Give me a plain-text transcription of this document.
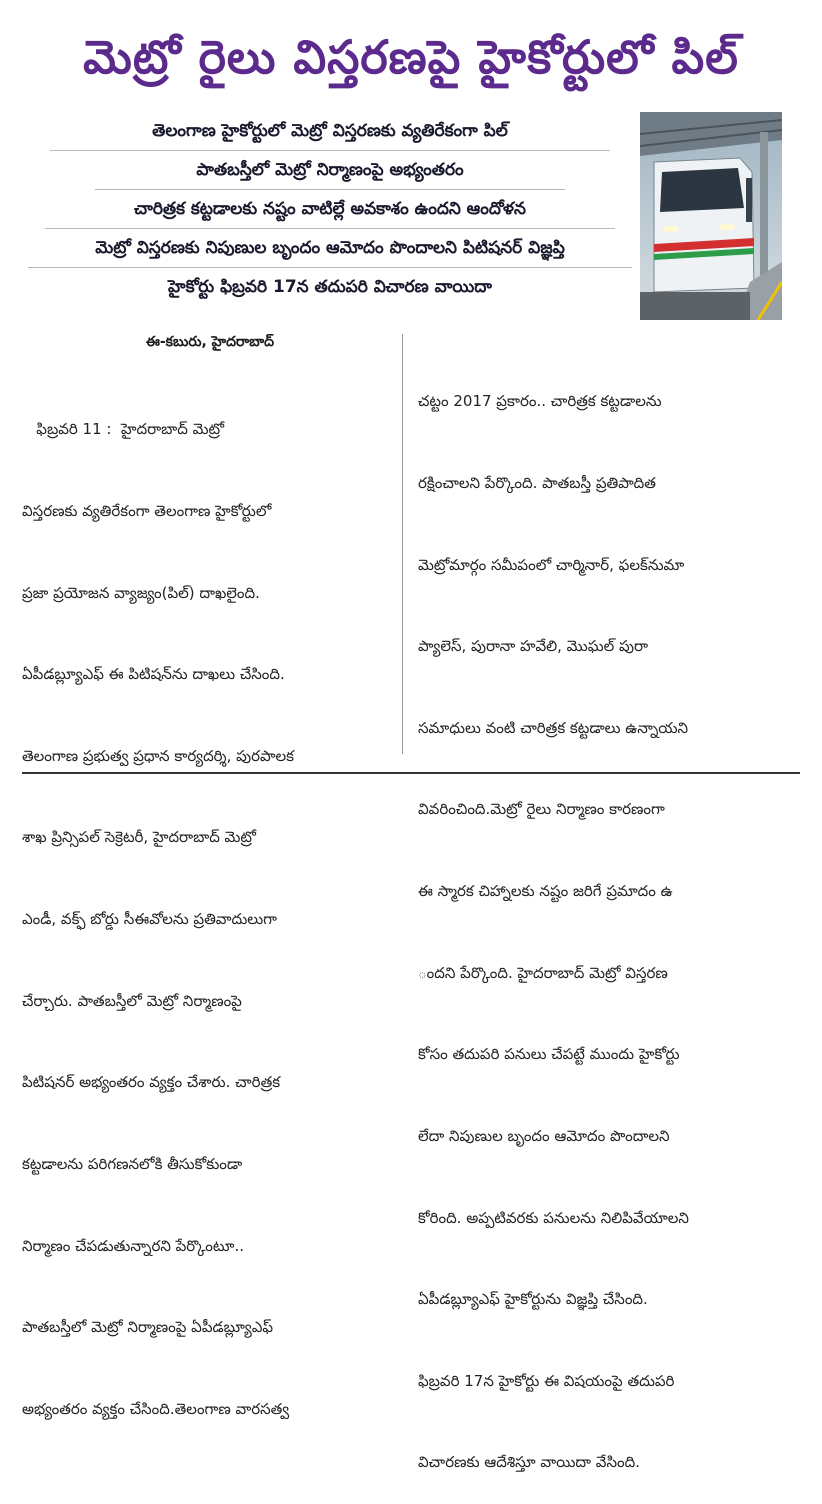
మెట్రో రైలు విస్తరణపై హైకోర్టులో పిల్
తెలంగాణ హైకోర్టులో మెట్రో విస్తరణకు వ్యతిరేకంగా పిల్
పాతబస్తీలో మెట్రో నిర్మాణంపై అభ్యంతరం
చారిత్రక కట్టడాలకు నష్టం వాటిల్లే అవకాశం ఉందని ఆందోళన
మెట్రో విస్తరణకు నిపుణుల బృందం ఆమోదం పొందాలని పిటిషనర్ విజ్ఞప్తి
హైకోర్టు ఫిబ్రవరి 17న తదుపరి విచారణ వాయిదా
ఈ-కబురు, హైదరాబాద్

ఫిబ్రవరి 11 :  హైదరాబాద్ మెట్రో

విస్తరణకు వ్యతిరేకంగా తెలంగాణ హైకోర్టులో

ప్రజా ప్రయోజన వ్యాజ్యం(పిల్) దాఖలైంది.

ఏపీడబ్ల్యూఎఫ్ ఈ పిటిషన్‌ను దాఖలు చేసింది.

తెలంగాణ ప్రభుత్వ ప్రధాన కార్యదర్శి, పురపాలక

శాఖ ప్రిన్సిపల్ సెక్రెటరీ, హైదరాబాద్ మెట్రో

ఎండీ, వక్ఫ్ బోర్డు సీఈవోలను ప్రతివాదులుగా

చేర్చారు. పాతబస్తీలో మెట్రో నిర్మాణంపై

పిటిషనర్ అభ్యంతరం వ్యక్తం చేశారు. చారిత్రక

కట్టడాలను పరిగణనలోకి తీసుకోకుండా

నిర్మాణం చేపడుతున్నారని పేర్కొంటూ..

పాతబస్తీలో మెట్రో నిర్మాణంపై ఏపీడబ్ల్యూఎఫ్

అభ్యంతరం వ్యక్తం చేసింది.తెలంగాణ వారసత్వ

చట్టం 2017 ప్రకారం.. చారిత్రక కట్టడాలను

రక్షించాలని పేర్కొంది. పాతబస్తీ ప్రతిపాదిత

మెట్రోమార్గం సమీపంలో చార్మినార్, ఫలక్‌నుమా

ప్యాలెస్, పురానా హవేలి, మొఘల్ పురా

సమాధులు వంటి చారిత్రక కట్టడాలు ఉన్నాయని

వివరించింది.మెట్రో రైలు నిర్మాణం కారణంగా

ఈ స్మారక చిహ్నాలకు నష్టం జరిగే ప్రమాదం ఉ

ందని పేర్కొంది. హైదరాబాద్ మెట్రో విస్తరణ

కోసం తదుపరి పనులు చేపట్టే ముందు హైకోర్టు

లేదా నిపుణుల బృందం ఆమోదం పొందాలని

కోరింది. అప్పటివరకు పనులను నిలిపివేయాలని

ఏపీడబ్ల్యూఎఫ్ హైకోర్టును విజ్ఞప్తి చేసింది.

ఫిబ్రవరి 17న హైకోర్టు ఈ విషయంపై తదుపరి

విచారణకు ఆదేశిస్తూ వాయిదా వేసింది.
